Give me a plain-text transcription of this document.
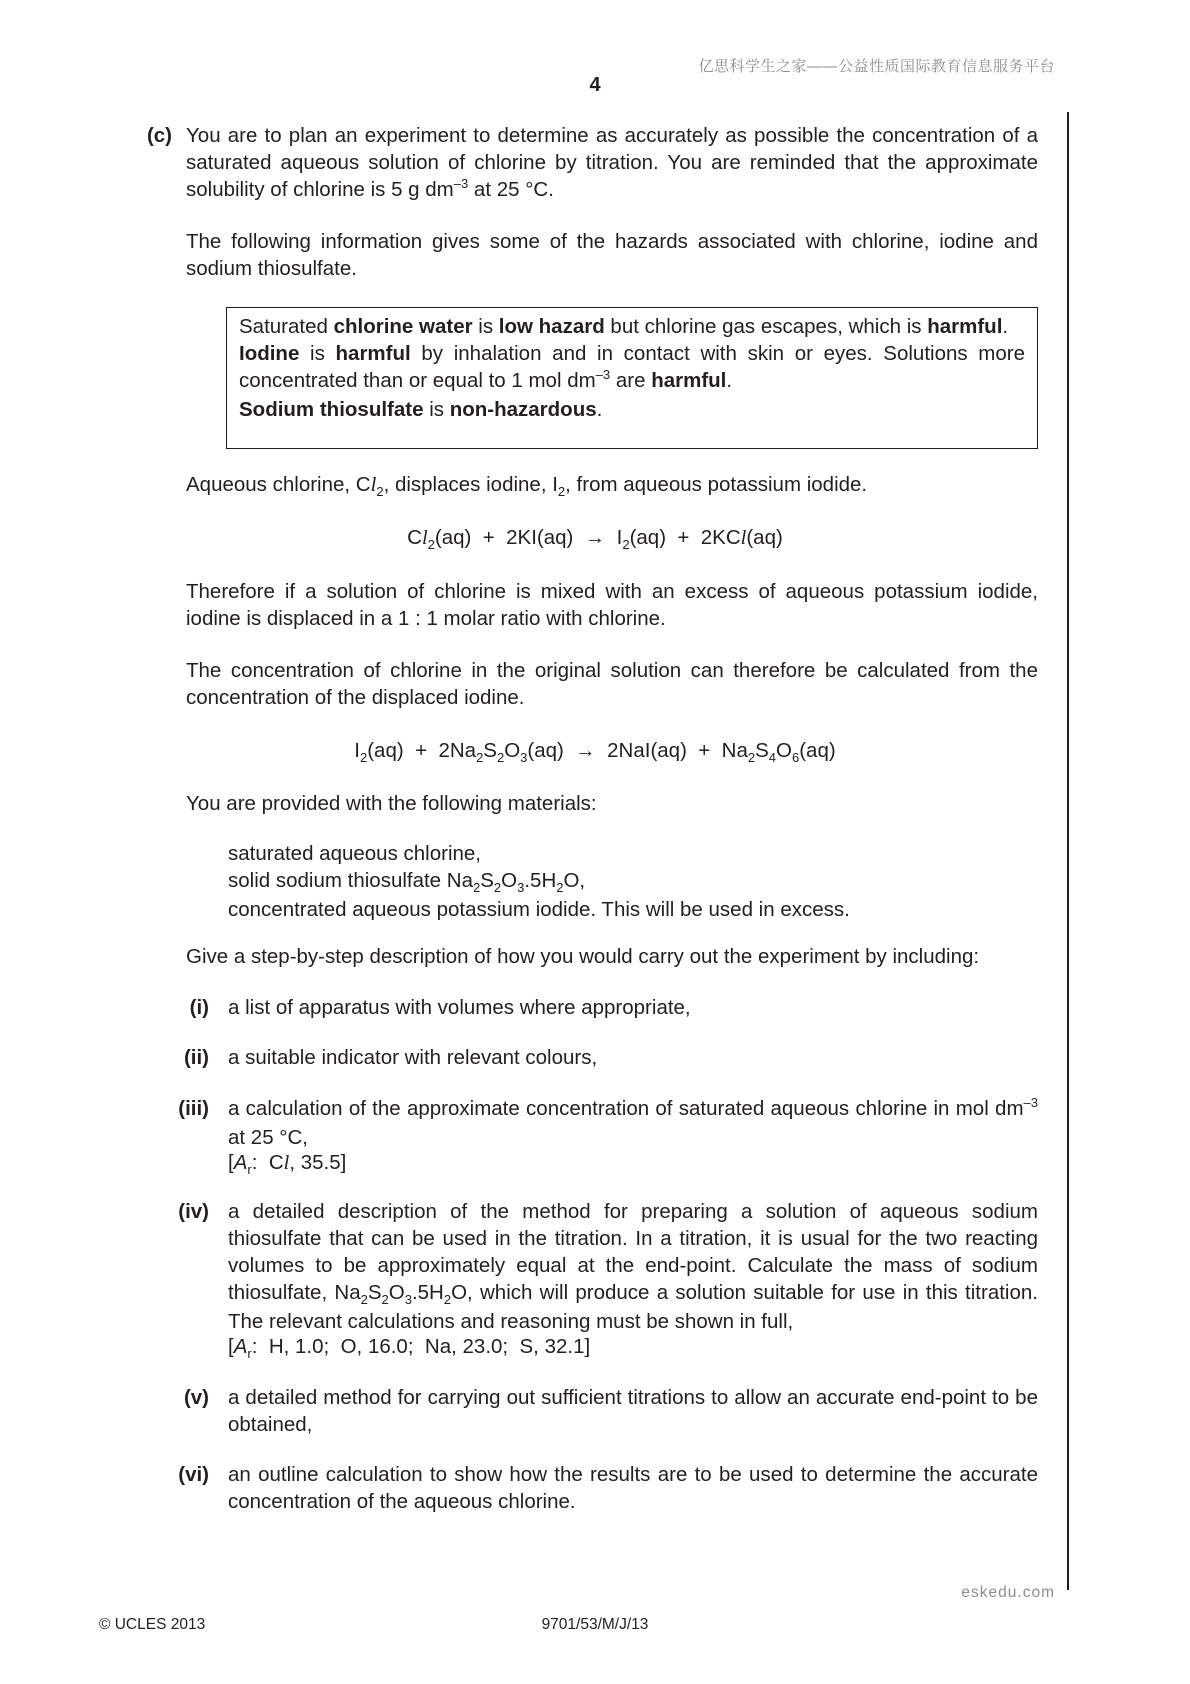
亿思科学生之家——公益性质国际教育信息服务平台
4
(c) You are to plan an experiment to determine as accurately as possible the concentration of a saturated aqueous solution of chlorine by titration. You are reminded that the approximate solubility of chlorine is 5 g $dm^{-3}$ at 25 °C.
The following information gives some of the hazards associated with chlorine, iodine and sodium thiosulfate.
Saturated chlorine water is low hazard but chlorine gas escapes, which is harmful.
Iodine is harmful by inhalation and in contact with skin or eyes. Solutions more concentrated than or equal to 1 mol $dm^{-3}$ are harmful.
Sodium thiosulfate is non-hazardous.
Aqueous chlorine, $Cl_2$, displaces iodine, $I_2$, from aqueous potassium iodide.
$Cl_2(aq) + 2KI(aq) \to I_2(aq) + 2KCl(aq)$
Therefore if a solution of chlorine is mixed with an excess of aqueous potassium iodide, iodine is displaced in a 1 : 1 molar ratio with chlorine.
The concentration of chlorine in the original solution can therefore be calculated from the concentration of the displaced iodine.
$I_2(aq) + 2Na_2S_2O_3(aq) \to 2NaI(aq) + Na_2S_4O_6(aq)$
You are provided with the following materials:
saturated aqueous chlorine,
solid sodium thiosulfate $Na_2S_2O_3.5H_2O$,
concentrated aqueous potassium iodide. This will be used in excess.
Give a step-by-step description of how you would carry out the experiment by including:
(i) a list of apparatus with volumes where appropriate,
(ii) a suitable indicator with relevant colours,
(iii) a calculation of the approximate concentration of saturated aqueous chlorine in mol $dm^{-3}$ at 25 °C,
[$A_r$:  Cl, 35.5]
(iv) a detailed description of the method for preparing a solution of aqueous sodium thiosulfate that can be used in the titration. In a titration, it is usual for the two reacting volumes to be approximately equal at the end-point. Calculate the mass of sodium thiosulfate, $Na_2S_2O_3.5H_2O$, which will produce a solution suitable for use in this titration. The relevant calculations and reasoning must be shown in full,
[$A_r$:  H, 1.0;  O, 16.0;  Na, 23.0;  S, 32.1]
(v) a detailed method for carrying out sufficient titrations to allow an accurate end-point to be obtained,
(vi) an outline calculation to show how the results are to be used to determine the accurate concentration of the aqueous chlorine.
eskedu.com
© UCLES 2013	9701/53/M/J/13
